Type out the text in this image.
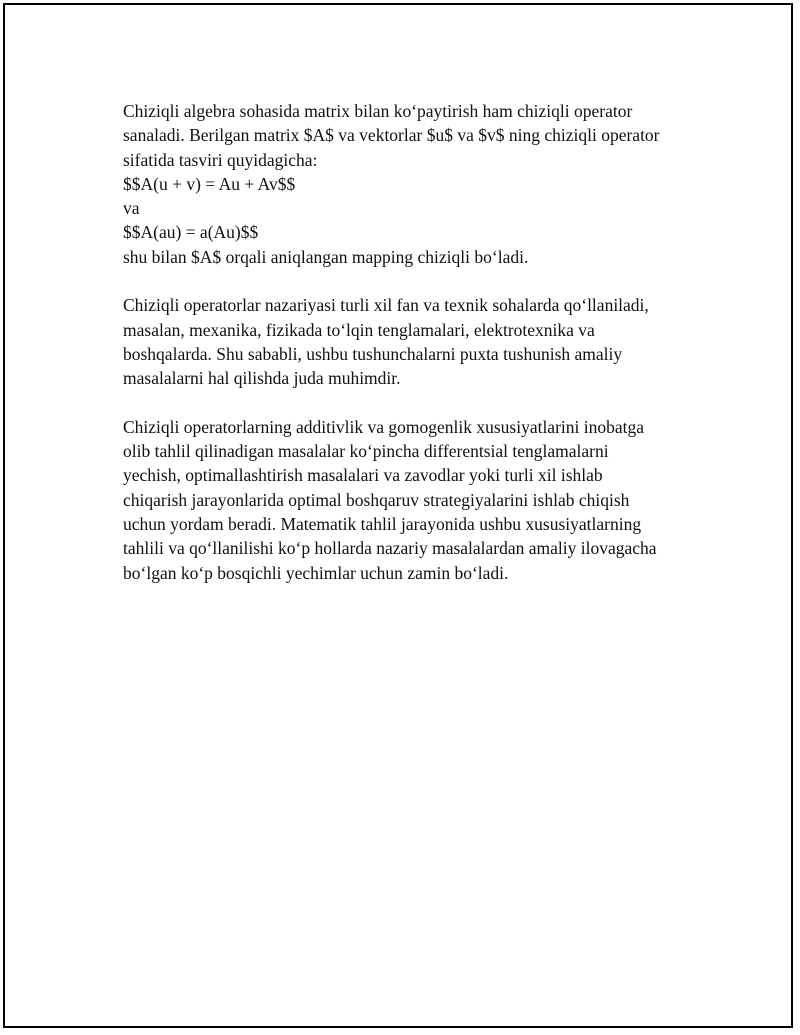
Chiziqli algebra sohasida matrix bilan ko‘paytirish ham chiziqli operator
sanaladi. Berilgan matrix $A$ va vektorlar $u$ va $v$ ning chiziqli operator
sifatida tasviri quyidagicha:
$$A(u + v) = Au + Av$$
va
$$A(au) = a(Au)$$
shu bilan $A$ orqali aniqlangan mapping chiziqli bo‘ladi.

Chiziqli operatorlar nazariyasi turli xil fan va texnik sohalarda qo‘llaniladi,
masalan, mexanika, fizikada to‘lqin tenglamalari, elektrotexnika va
boshqalarda. Shu sababli, ushbu tushunchalarni puxta tushunish amaliy
masalalarni hal qilishda juda muhimdir.

Chiziqli operatorlarning additivlik va gomogenlik xususiyatlarini inobatga
olib tahlil qilinadigan masalalar ko‘pincha differentsial tenglamalarni
yechish, optimallashtirish masalalari va zavodlar yoki turli xil ishlab
chiqarish jarayonlarida optimal boshqaruv strategiyalarini ishlab chiqish
uchun yordam beradi. Matematik tahlil jarayonida ushbu xususiyatlarning
tahlili va qo‘llanilishi ko‘p hollarda nazariy masalalardan amaliy ilovagacha
bo‘lgan ko‘p bosqichli yechimlar uchun zamin bo‘ladi.
